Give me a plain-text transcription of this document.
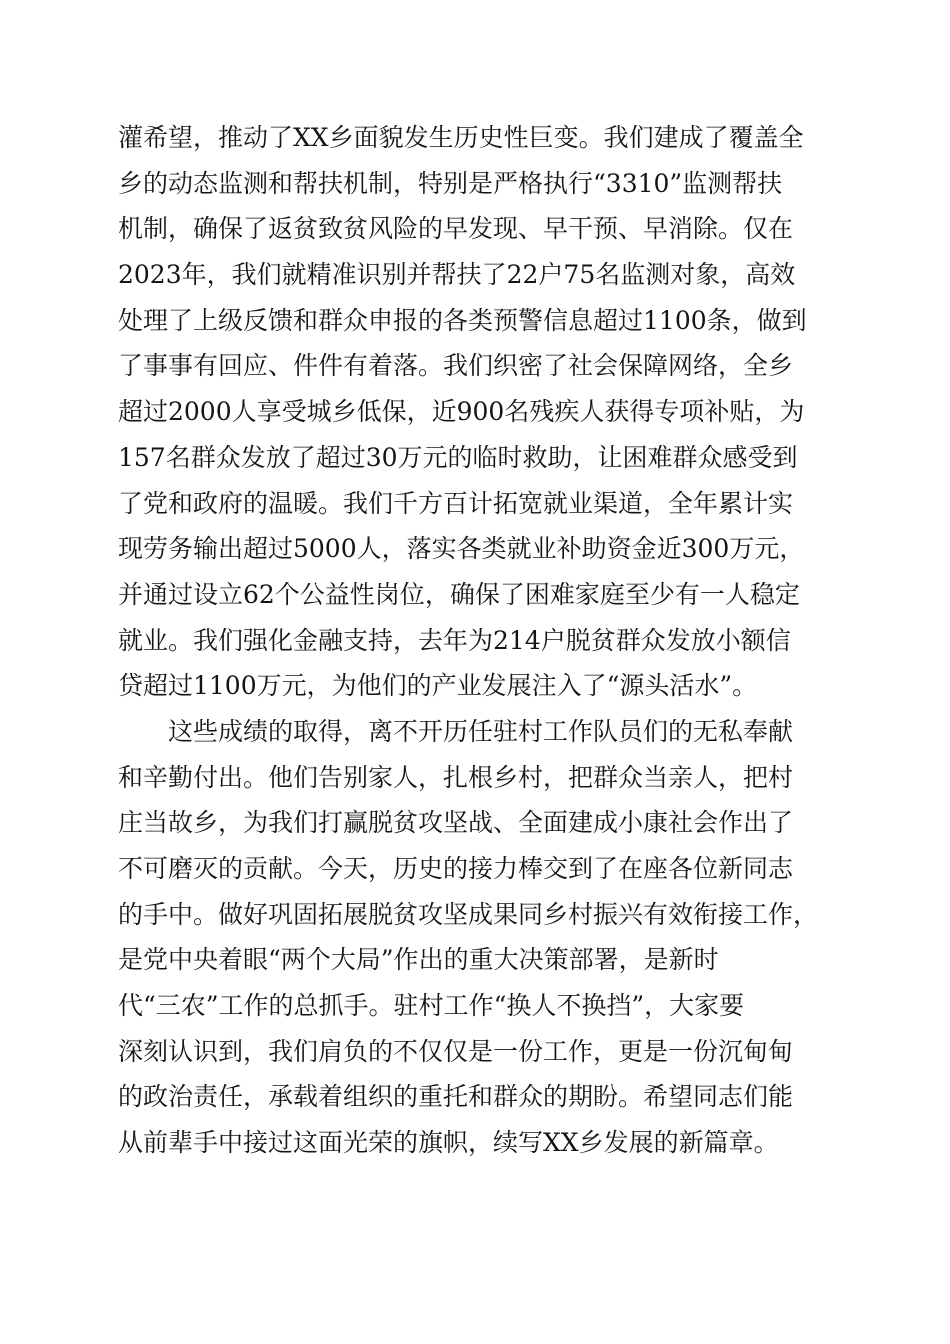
灌希望，推动了XX乡面貌发生历史性巨变。我们建成了覆盖全
乡的动态监测和帮扶机制，特别是严格执行“3310”监测帮扶
机制，确保了返贫致贫风险的早发现、早干预、早消除。仅在
2023年，我们就精准识别并帮扶了22户75名监测对象，高效
处理了上级反馈和群众申报的各类预警信息超过1100条，做到
了事事有回应、件件有着落。我们织密了社会保障网络，全乡
超过2000人享受城乡低保，近900名残疾人获得专项补贴，为
157名群众发放了超过30万元的临时救助，让困难群众感受到
了党和政府的温暖。我们千方百计拓宽就业渠道，全年累计实
现劳务输出超过5000人，落实各类就业补助资金近300万元，
并通过设立62个公益性岗位，确保了困难家庭至少有一人稳定
就业。我们强化金融支持，去年为214户脱贫群众发放小额信
贷超过1100万元，为他们的产业发展注入了“源头活水”。
这些成绩的取得，离不开历任驻村工作队员们的无私奉献
和辛勤付出。他们告别家人，扎根乡村，把群众当亲人，把村
庄当故乡，为我们打赢脱贫攻坚战、全面建成小康社会作出了
不可磨灭的贡献。今天，历史的接力棒交到了在座各位新同志
的手中。做好巩固拓展脱贫攻坚成果同乡村振兴有效衔接工作，
是党中央着眼“两个大局”作出的重大决策部署，是新时
代“三农”工作的总抓手。驻村工作“换人不换挡”，大家要
深刻认识到，我们肩负的不仅仅是一份工作，更是一份沉甸甸
的政治责任，承载着组织的重托和群众的期盼。希望同志们能
从前辈手中接过这面光荣的旗帜，续写XX乡发展的新篇章。
